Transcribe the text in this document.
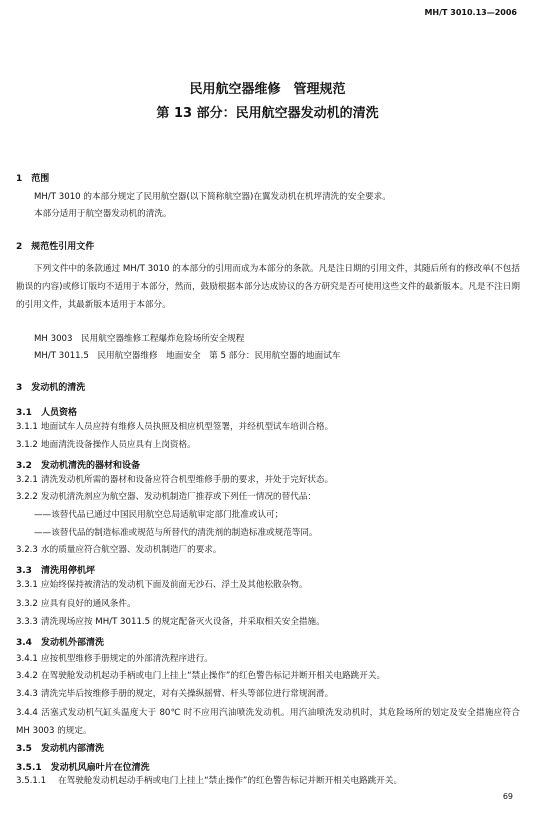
MH/T 3010.13—2006
民用航空器维修　管理规范
第 13 部分：民用航空器发动机的清洗
1　范围
MH/T 3010 的本部分规定了民用航空器(以下简称航空器)在翼发动机在机坪清洗的安全要求。
本部分适用于航空器发动机的清洗。
2　规范性引用文件
下列文件中的条款通过 MH/T 3010 的本部分的引用而成为本部分的条款。凡是注日期的引用文件，其随后所有的修改单(不包括勘误的内容)或修订版均不适用于本部分，然而，鼓励根据本部分达成协议的各方研究是否可使用这些文件的最新版本。凡是不注日期的引用文件，其最新版本适用于本部分。
MH 3003　民用航空器维修工程爆炸危险场所安全规程
MH/T 3011.5　民用航空器维修　地面安全　第 5 部分：民用航空器的地面试车
3　发动机的清洗
3.1　人员资格
3.1.1 地面试车人员应持有维修人员执照及相应机型签署，并经机型试车培训合格。
3.1.2 地面清洗设备操作人员应具有上岗资格。
3.2　发动机清洗的器材和设备
3.2.1 清洗发动机所需的器材和设备应符合机型维修手册的要求，并处于完好状态。
3.2.2 发动机清洗剂应为航空器、发动机制造厂推荐或下列任一情况的替代品：
——该替代品已通过中国民用航空总局适航审定部门批准或认可；
——该替代品的制造标准或规范与所替代的清洗剂的制造标准或规范等同。
3.2.3 水的质量应符合航空器、发动机制造厂的要求。
3.3　清洗用停机坪
3.3.1 应始终保持被清洁的发动机下面及前面无沙石、浮土及其他松散杂物。
3.3.2 应具有良好的通风条件。
3.3.3 清洗现场应按 MH/T 3011.5 的规定配备灭火设备，并采取相关安全措施。
3.4　发动机外部清洗
3.4.1 应按机型维修手册规定的外部清洗程序进行。
3.4.2 在驾驶舱发动机起动手柄或电门上挂上“禁止操作”的红色警告标记并断开相关电路跳开关。
3.4.3 清洗完毕后按维修手册的规定，对有关操纵摇臂、杆头等部位进行常规润滑。
3.4.4 活塞式发动机气缸头温度大于 80℃ 时不应用汽油喷洗发动机。用汽油喷洗发动机时，其危险场所的划定及安全措施应符合 MH 3003 的规定。
3.5　发动机内部清洗
3.5.1　发动机风扇叶片在位清洗
3.5.1.1 在驾驶舱发动机起动手柄或电门上挂上“禁止操作”的红色警告标记并断开相关电路跳开关。
69
